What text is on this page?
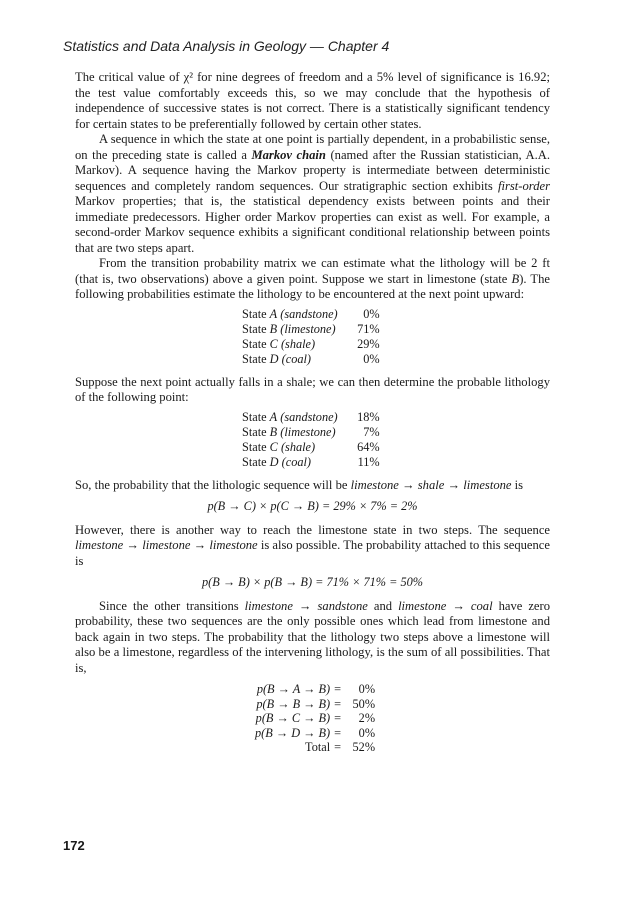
Statistics and Data Analysis in Geology — Chapter 4

The critical value of χ² for nine degrees of freedom and a 5% level of significance is 16.92; the test value comfortably exceeds this, so we may conclude that the hypothesis of independence of successive states is not correct. There is a statistically significant tendency for certain states to be preferentially followed by certain other states.

A sequence in which the state at one point is partially dependent, in a probabilistic sense, on the preceding state is called a Markov chain (named after the Russian statistician, A.A. Markov). A sequence having the Markov property is intermediate between deterministic sequences and completely random sequences. Our stratigraphic section exhibits first-order Markov properties; that is, the statistical dependency exists between points and their immediate predecessors. Higher order Markov properties can exist as well. For example, a second-order Markov sequence exhibits a significant conditional relationship between points that are two steps apart.

From the transition probability matrix we can estimate what the lithology will be 2 ft (that is, two observations) above a given point. Suppose we start in limestone (state B). The following probabilities estimate the lithology to be encountered at the next point upward:

State A (sandstone)	0%
State B (limestone)	71%
State C (shale)	29%
State D (coal)	0%

Suppose the next point actually falls in a shale; we can then determine the probable lithology of the following point:

State A (sandstone)	18%
State B (limestone)	7%
State C (shale)	64%
State D (coal)	11%

So, the probability that the lithologic sequence will be limestone → shale → limestone is

p(B → C) × p(C → B) = 29% × 7% = 2%

However, there is another way to reach the limestone state in two steps. The sequence limestone → limestone → limestone is also possible. The probability attached to this sequence is

p(B → B) × p(B → B) = 71% × 71% = 50%

Since the other transitions limestone → sandstone and limestone → coal have zero probability, these two sequences are the only possible ones which lead from limestone and back again in two steps. The probability that the lithology two steps above a limestone will also be a limestone, regardless of the intervening lithology, is the sum of all possibilities. That is,

p(B → A → B)	=	0%
p(B → B → B)	=	50%
p(B → C → B)	=	2%
p(B → D → B)	=	0%
Total	=	52%
172
